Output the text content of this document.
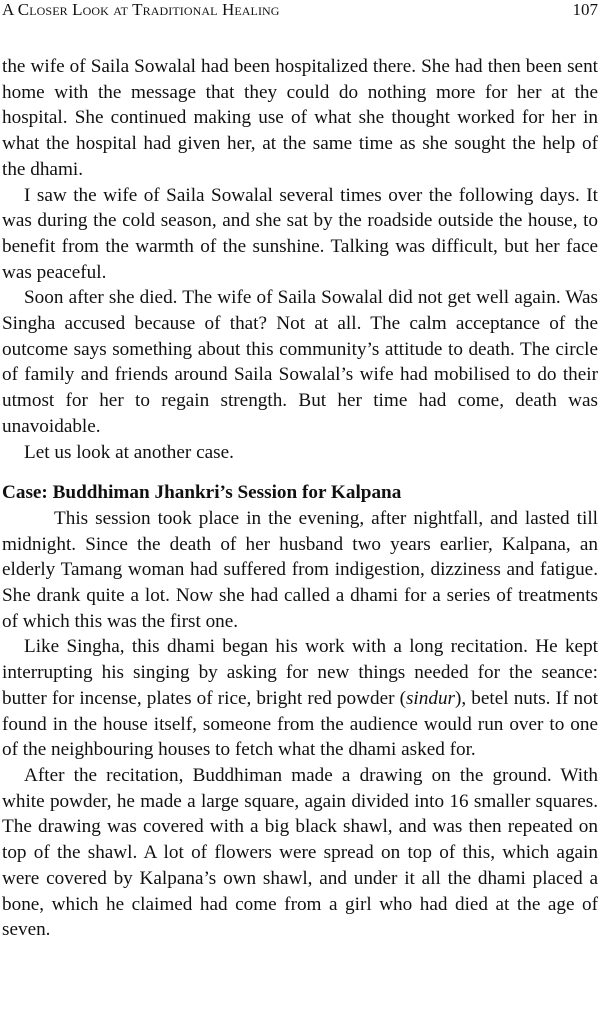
A Closer Look at Traditional Healing	107

the wife of Saila Sowalal had been hospitalized there. She had then been sent home with the message that they could do nothing more for her at the hospital. She continued making use of what she thought worked for her in what the hospital had given her, at the same time as she sought the help of the dhami.

I saw the wife of Saila Sowalal several times over the following days. It was during the cold season, and she sat by the roadside outside the house, to benefit from the warmth of the sunshine. Talking was difficult, but her face was peaceful.

Soon after she died. The wife of Saila Sowalal did not get well again. Was Singha accused because of that? Not at all. The calm acceptance of the outcome says something about this community’s attitude to death. The circle of family and friends around Saila Sowalal’s wife had mobilised to do their utmost for her to regain strength. But her time had come, death was unavoidable.

Let us look at another case.

Case: Buddhiman Jhankri’s Session for Kalpana

This session took place in the evening, after nightfall, and lasted till midnight. Since the death of her husband two years earlier, Kalpana, an elderly Tamang woman had suffered from indigestion, dizziness and fatigue. She drank quite a lot. Now she had called a dhami for a series of treatments of which this was the first one.

Like Singha, this dhami began his work with a long recitation. He kept interrupting his singing by asking for new things needed for the seance: butter for incense, plates of rice, bright red powder (sindur), betel nuts. If not found in the house itself, someone from the audience would run over to one of the neighbouring houses to fetch what the dhami asked for.

After the recitation, Buddhiman made a drawing on the ground. With white powder, he made a large square, again divided into 16 smaller squares. The drawing was covered with a big black shawl, and was then repeated on top of the shawl. A lot of flowers were spread on top of this, which again were covered by Kalpana’s own shawl, and under it all the dhami placed a bone, which he claimed had come from a girl who had died at the age of seven.
